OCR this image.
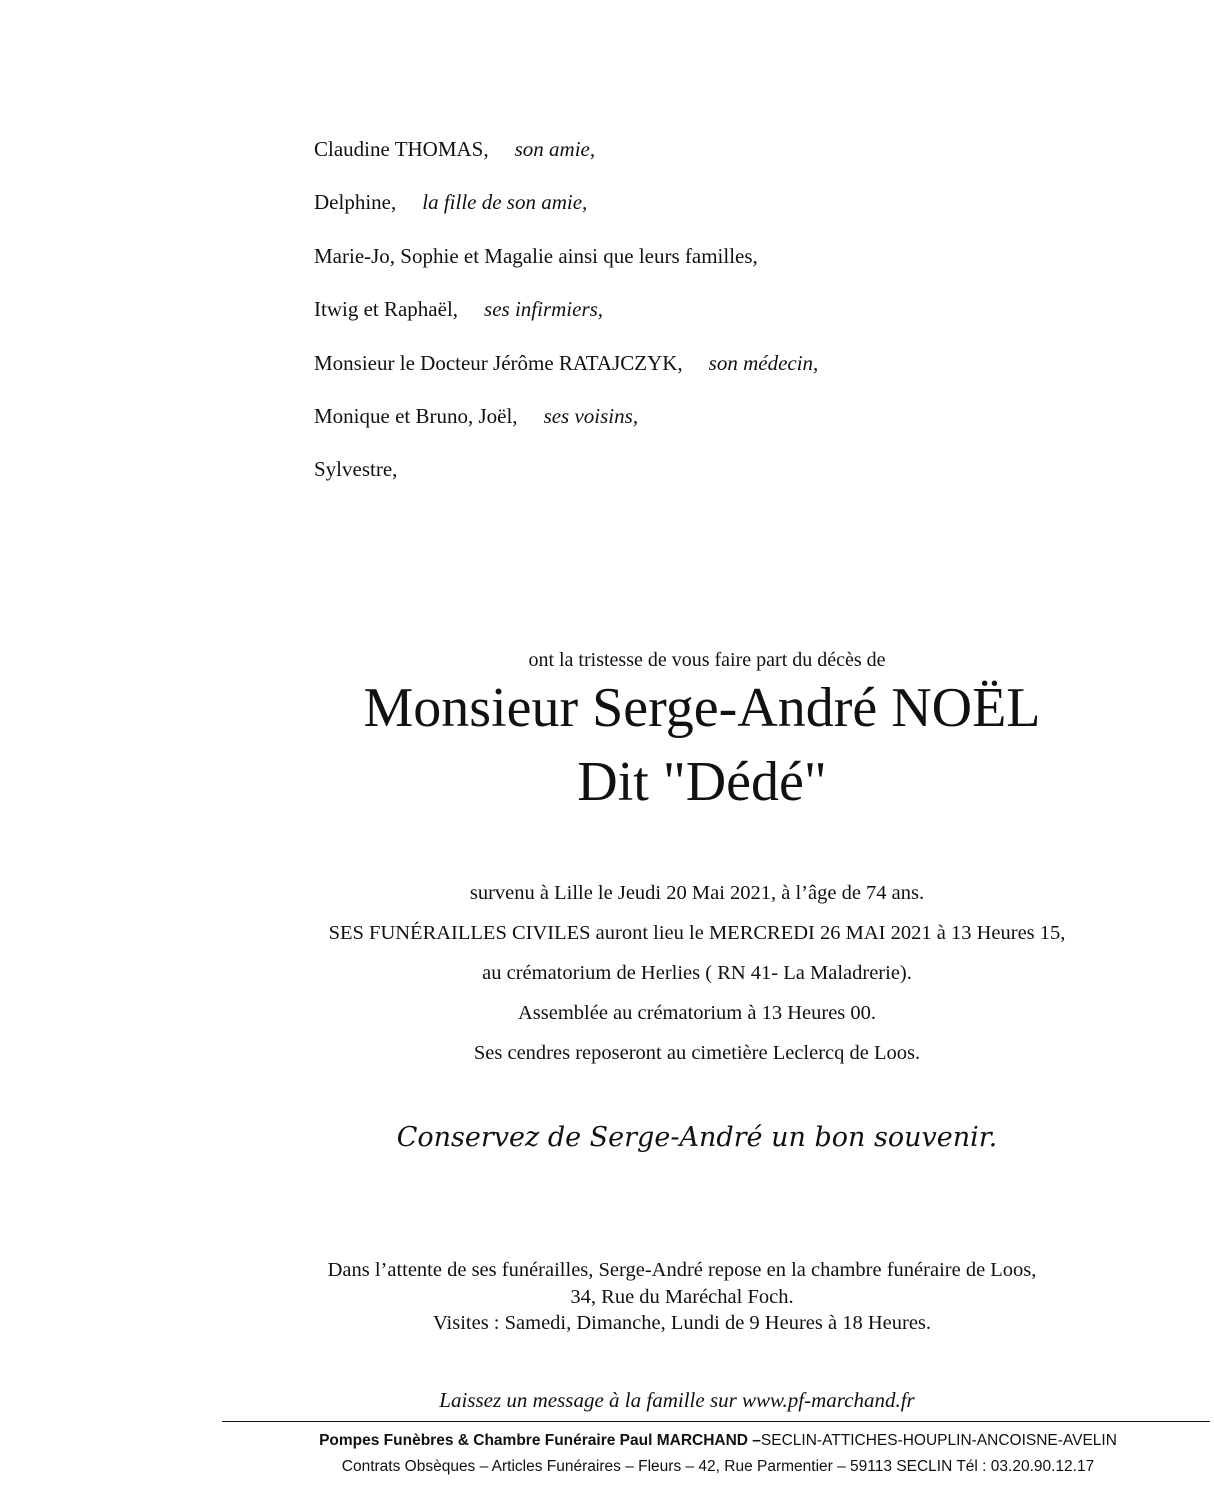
Claudine THOMAS, son amie,
Delphine, la fille de son amie,
Marie-Jo, Sophie et Magalie ainsi que leurs familles,
Itwig et Raphaël, ses infirmiers,
Monsieur le Docteur Jérôme RATAJCZYK, son médecin,
Monique et Bruno, Joël, ses voisins,
Sylvestre,
ont la tristesse de vous faire part du décès de
Monsieur Serge-André NOËL
Dit "Dédé"
survenu à Lille le Jeudi 20 Mai 2021, à l’âge de 74 ans.
SES FUNÉRAILLES CIVILES auront lieu le MERCREDI 26 MAI 2021 à 13 Heures 15,
au crématorium de Herlies ( RN 41- La Maladrerie).
Assemblée au crématorium à 13 Heures 00.
Ses cendres reposeront au cimetière Leclercq de Loos.
Conservez de Serge-André un bon souvenir.
Dans l’attente de ses funérailles, Serge-André repose en la chambre funéraire de Loos,
34, Rue du Maréchal Foch.
Visites : Samedi, Dimanche, Lundi de 9 Heures à 18 Heures.
Laissez un message à la famille sur www.pf-marchand.fr
Pompes Funèbres & Chambre Funéraire Paul MARCHAND –SECLIN-ATTICHES-HOUPLIN-ANCOISNE-AVELIN
Contrats Obsèques – Articles Funéraires – Fleurs – 42, Rue Parmentier – 59113 SECLIN Tél : 03.20.90.12.17
